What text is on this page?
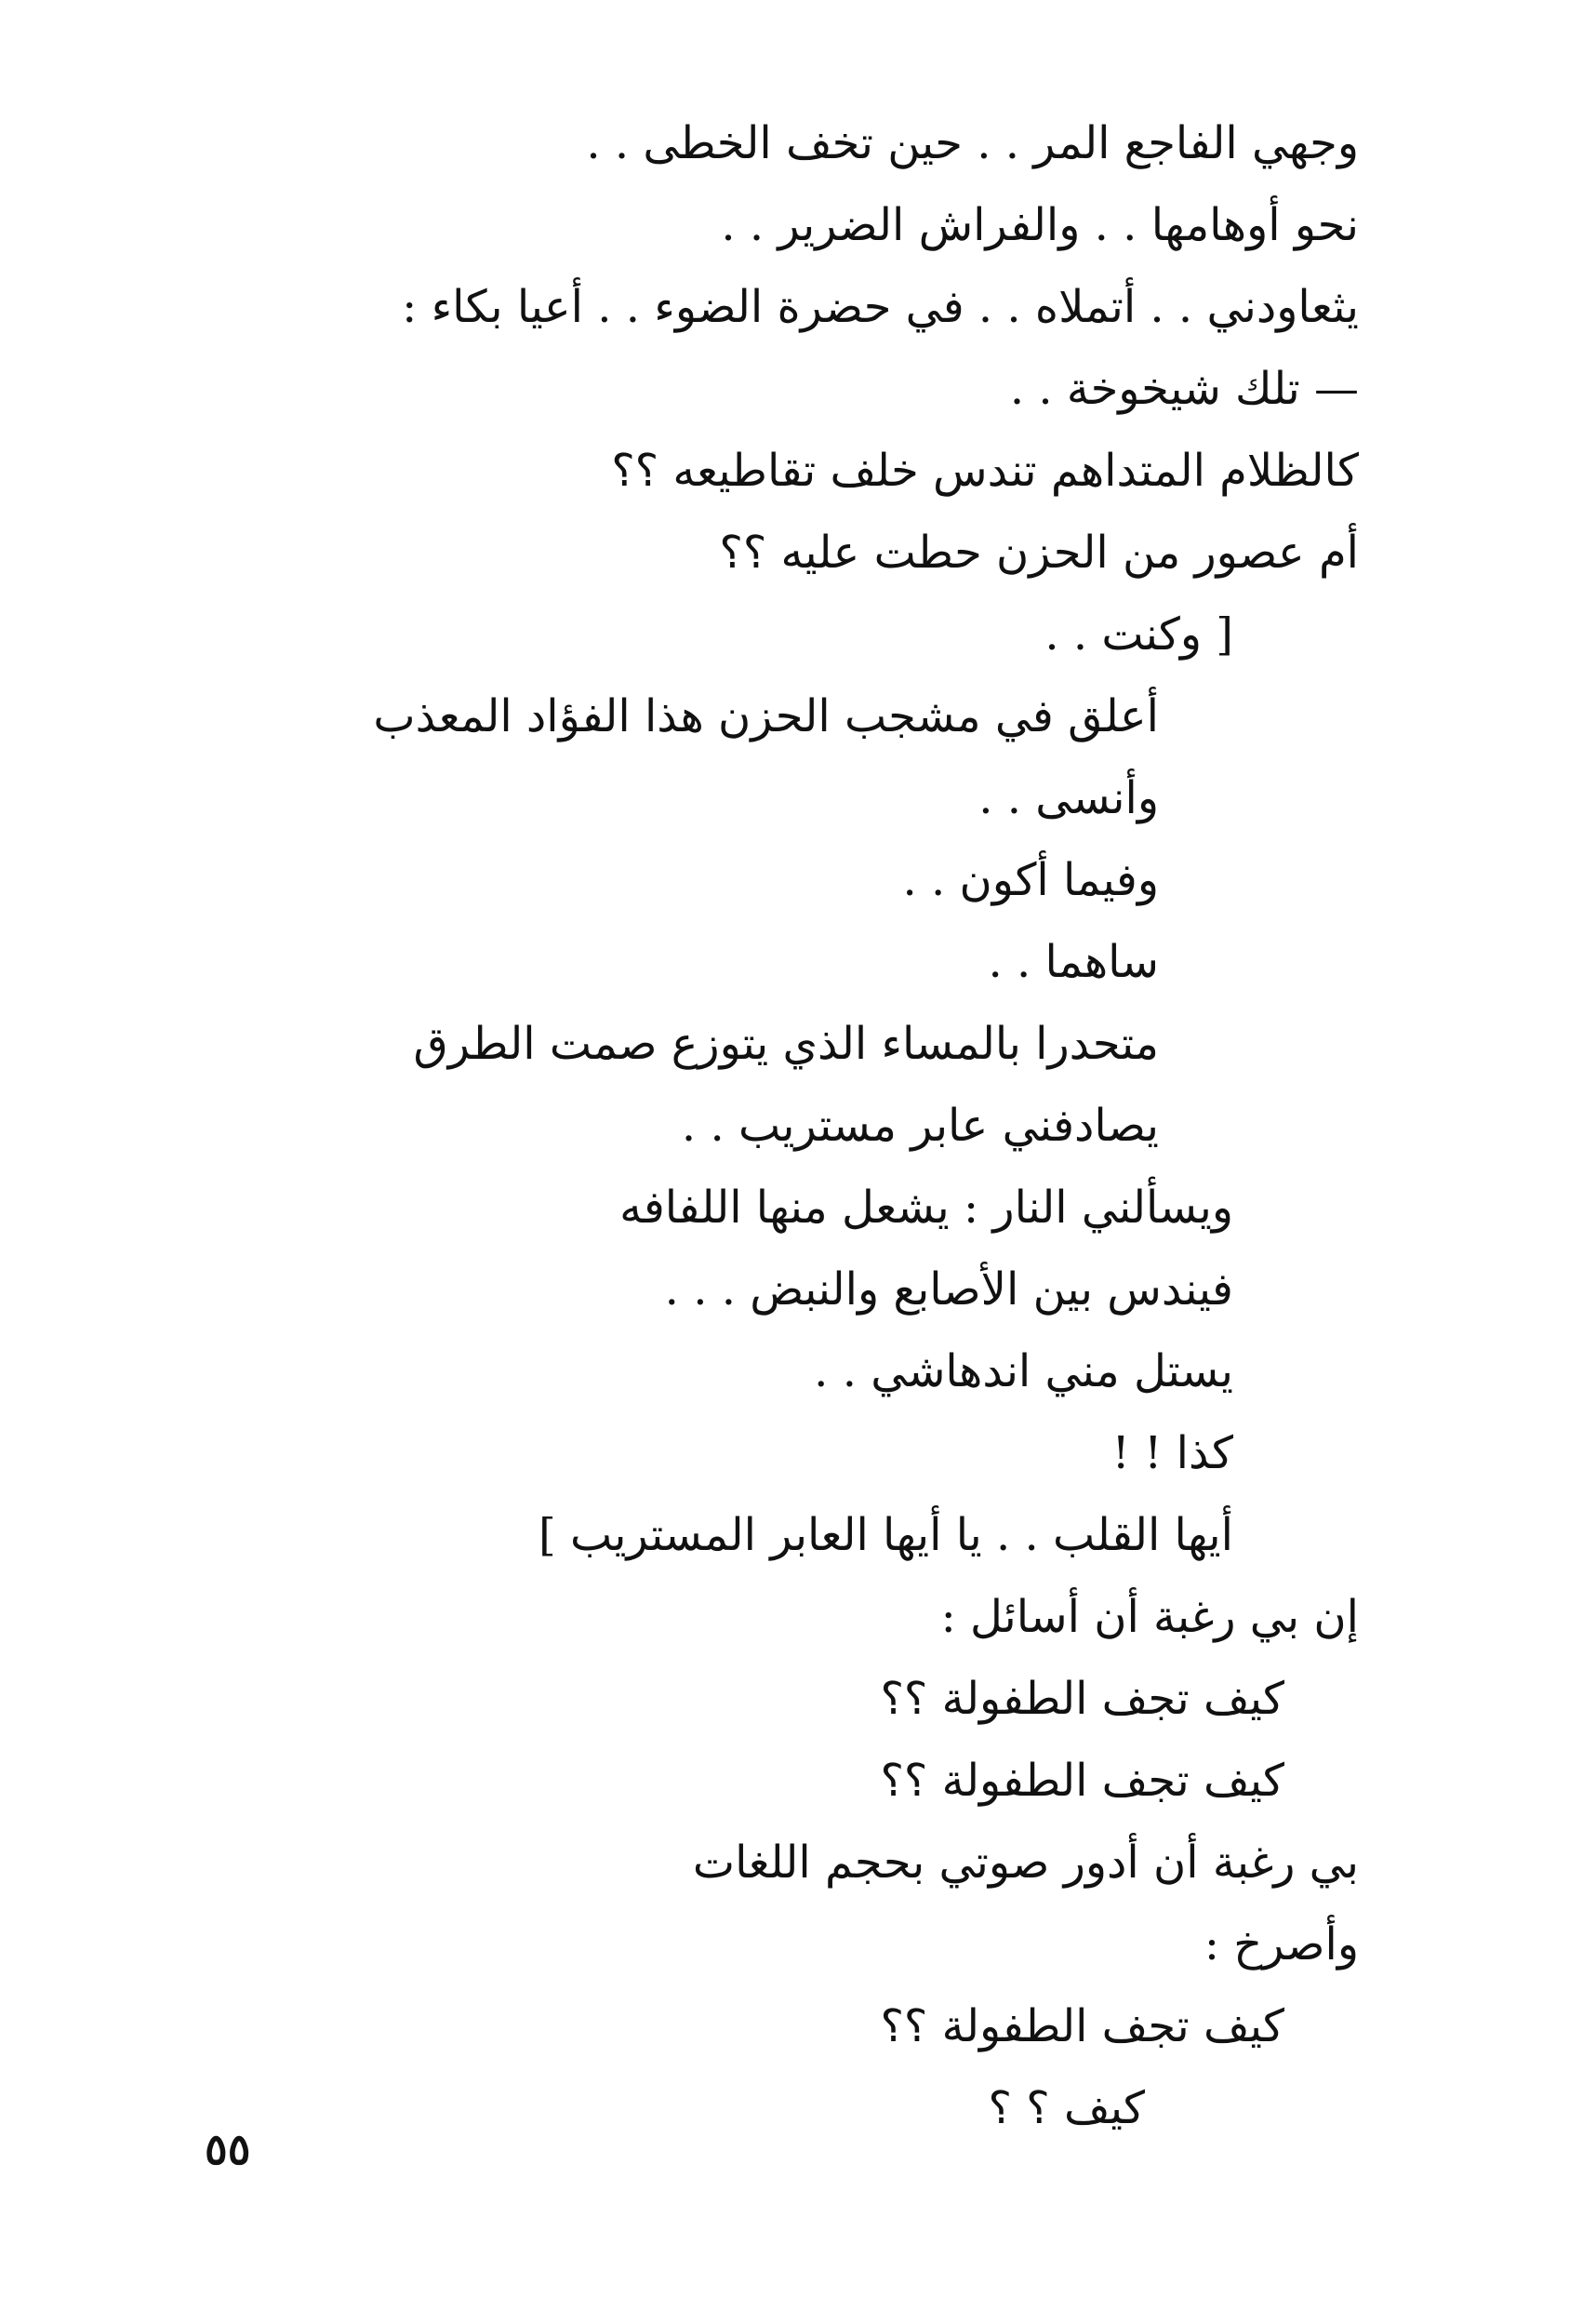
وجهي الفاجع المر . . حين تخف الخطى . .
نحو أوهامها . . والفراش الضرير . .
يثعاودني . . أتملاه . . في حضرة الضوء . . أعيا بكاء :
— تلك شيخوخة . .
كالظلام المتداهم تندس خلف تقاطيعه ؟؟
أم عصور من الحزن حطت عليه ؟؟
[ وكنت . .
أعلق في مشجب الحزن هذا الفؤاد المعذب
وأنسى . .
وفيما أكون . .
ساهما . .
متحدرا بالمساء الذي يتوزع صمت الطرق
يصادفني عابر مستريب . .
ويسألني النار : يشعل منها اللفافه
فيندس بين الأصابع والنبض . . .
يستل مني اندهاشي . .
كذا ! !
أيها القلب . . يا أيها العابر المستريب ]
إن بي رغبة أن أسائل :
كيف تجف الطفولة ؟؟
كيف تجف الطفولة ؟؟
بي رغبة أن أدور صوتي بحجم اللغات
وأصرخ :
كيف تجف الطفولة ؟؟
كيف ؟ ؟
٥٥
